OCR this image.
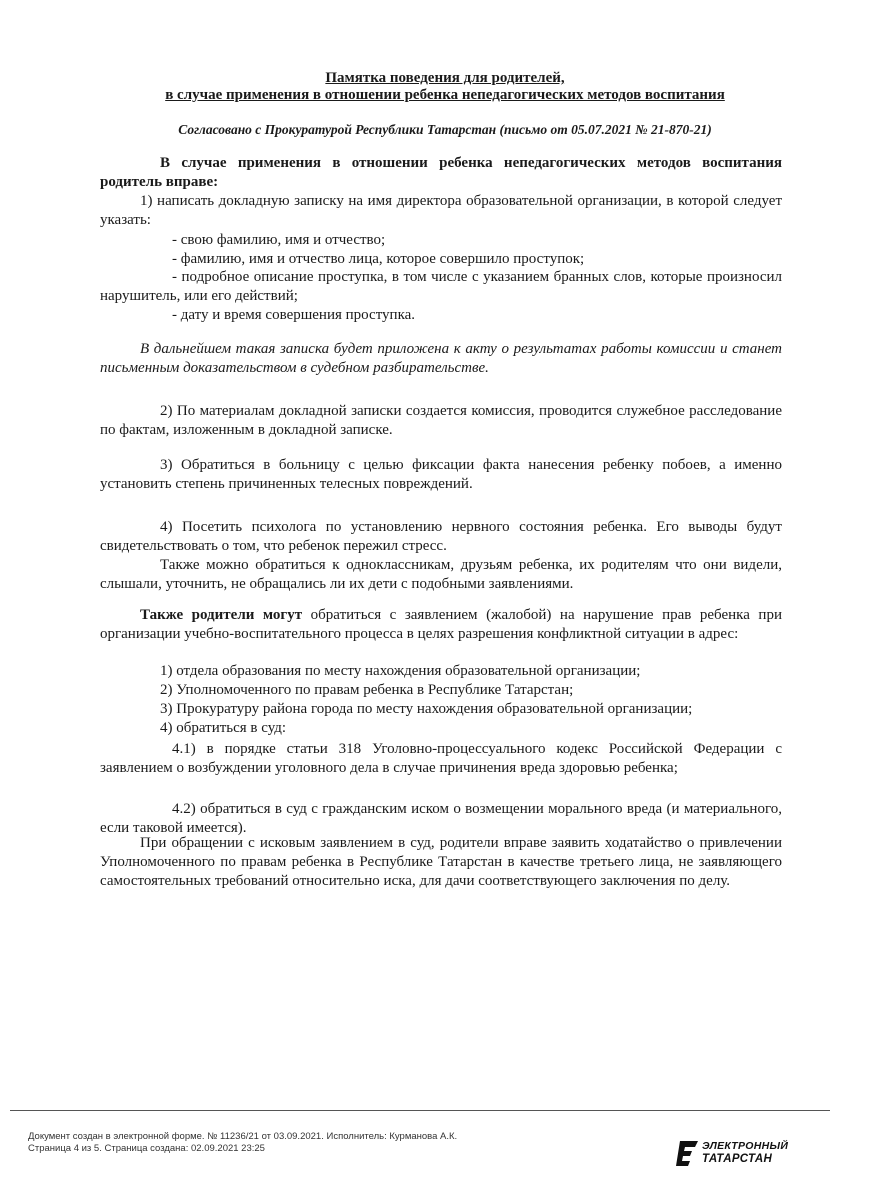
Памятка поведения для родителей,
в случае применения в отношении ребенка непедагогических методов воспитания
Согласовано с Прокуратурой Республики Татарстан (письмо от 05.07.2021 № 21-870-21)
В случае применения в отношении ребенка непедагогических методов воспитания родитель вправе:
1) написать докладную записку на имя директора образовательной организации, в которой следует указать:
- свою фамилию, имя и отчество;
- фамилию, имя и отчество лица, которое совершило проступок;
- подробное описание проступка, в том числе с указанием бранных слов, которые произносил нарушитель, или его действий;
- дату и время совершения проступка.
В дальнейшем такая записка будет приложена к акту о результатах работы комиссии и станет письменным доказательством в судебном разбирательстве.
2) По материалам докладной записки создается комиссия, проводится служебное расследование по фактам, изложенным в докладной записке.
3) Обратиться в больницу с целью фиксации факта нанесения ребенку побоев, а именно установить степень причиненных телесных повреждений.
4) Посетить психолога по установлению нервного состояния ребенка. Его выводы будут свидетельствовать о том, что ребенок пережил стресс.
Также можно обратиться к одноклассникам, друзьям ребенка, их родителям что они видели, слышали, уточнить, не обращались ли их дети с подобными заявлениями.
Также родители могут обратиться с заявлением (жалобой) на нарушение прав ребенка при организации учебно-воспитательного процесса в целях разрешения конфликтной ситуации в адрес:
1) отдела образования по месту нахождения образовательной организации;
2) Уполномоченного по правам ребенка в Республике Татарстан;
3) Прокуратуру района города по месту нахождения образовательной организации;
4) обратиться в суд:
4.1) в порядке статьи 318 Уголовно-процессуального кодекс Российской Федерации с заявлением о возбуждении уголовного дела в случае причинения вреда здоровью ребенка;
4.2) обратиться в суд с гражданским иском о возмещении морального вреда (и материального, если таковой имеется).
При обращении с исковым заявлением в суд, родители вправе заявить ходатайство о привлечении Уполномоченного по правам ребенка в Республике Татарстан в качестве третьего лица, не заявляющего самостоятельных требований относительно иска, для дачи соответствующего заключения по делу.
Документ создан в электронной форме. № 11236/21 от 03.09.2021. Исполнитель: Курманова А.К.
Страница 4 из 5. Страница создана: 02.09.2021 23:25	ЭЛЕКТРОННЫЙ
ТАТАРСТАН
